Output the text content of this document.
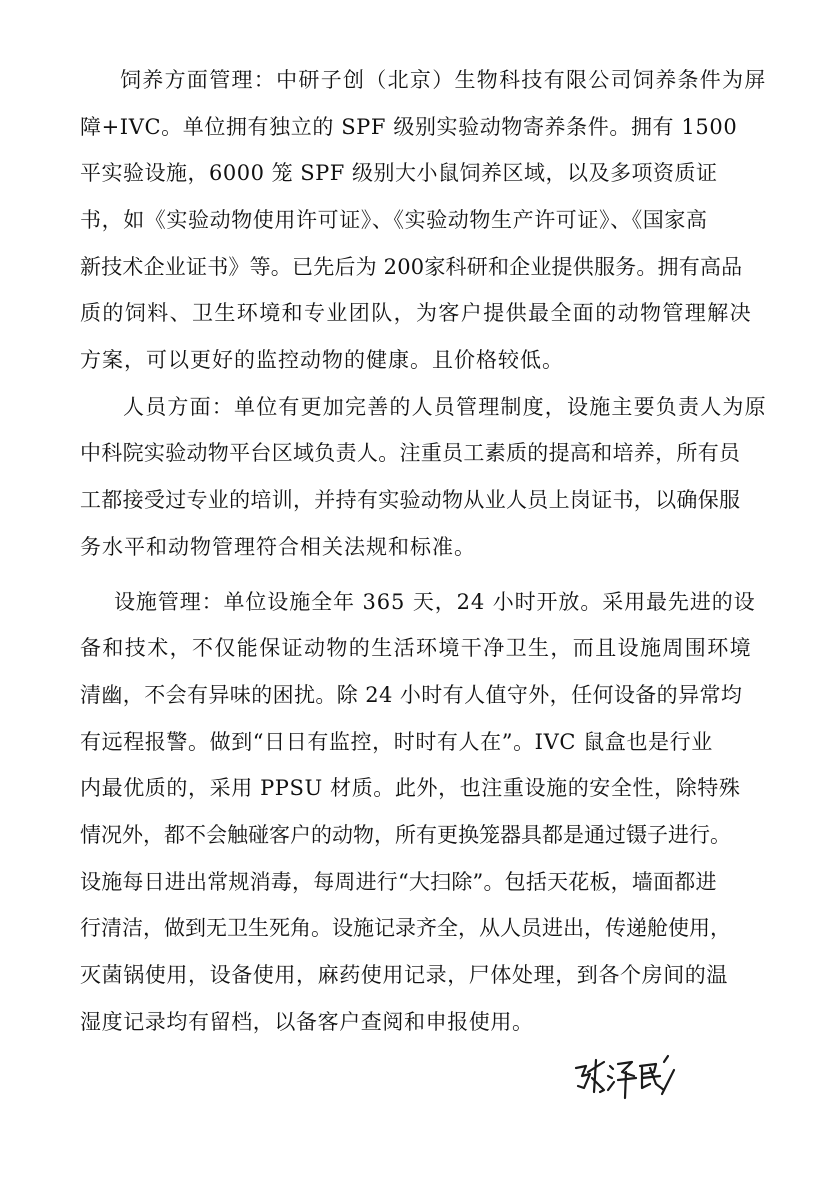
饲养方面管理：中研子创（北京）生物科技有限公司饲养条件为屏
障+IVC。单位拥有独立的 SPF 级别实验动物寄养条件。拥有 1500
平实验设施，6000 笼 SPF 级别大小鼠饲养区域，以及多项资质证
书，如《实验动物使用许可证》、《实验动物生产许可证》、《国家高
新技术企业证书》等。已先后为 200家科研和企业提供服务。拥有高品
质的饲料、卫生环境和专业团队，为客户提供最全面的动物管理解决
方案，可以更好的监控动物的健康。且价格较低。
人员方面：单位有更加完善的人员管理制度，设施主要负责人为原
中科院实验动物平台区域负责人。注重员工素质的提高和培养，所有员
工都接受过专业的培训，并持有实验动物从业人员上岗证书，以确保服
务水平和动物管理符合相关法规和标准。
设施管理：单位设施全年 365 天，24 小时开放。采用最先进的设
备和技术，不仅能保证动物的生活环境干净卫生，而且设施周围环境
清幽，不会有异味的困扰。除 24 小时有人值守外，任何设备的异常均
有远程报警。做到“日日有监控，时时有人在”。IVC 鼠盒也是行业
内最优质的，采用 PPSU 材质。此外，也注重设施的安全性，除特殊
情况外，都不会触碰客户的动物，所有更换笼器具都是通过镊子进行。
设施每日进出常规消毒，每周进行“大扫除”。包括天花板，墙面都进
行清洁，做到无卫生死角。设施记录齐全，从人员进出，传递舱使用，
灭菌锅使用，设备使用，麻药使用记录，尸体处理，到各个房间的温
湿度记录均有留档，以备客户查阅和申报使用。
